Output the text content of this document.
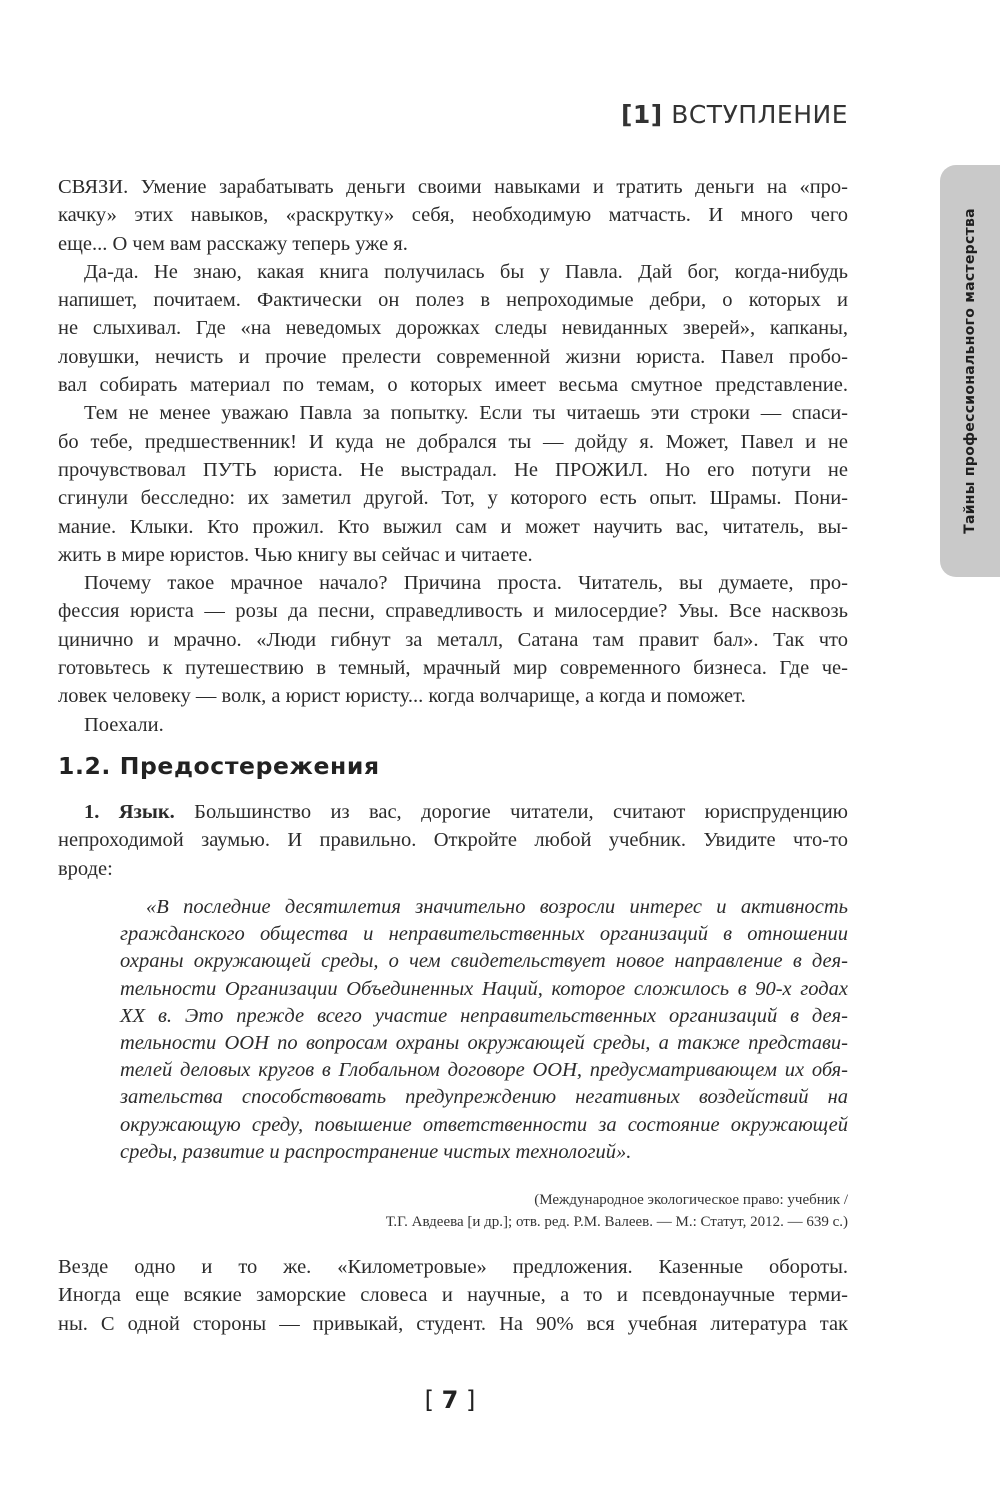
[1] ВСТУПЛЕНИЕ
Тайны профессионального мастерства
СВЯЗИ. Умение зарабатывать деньги своими навыками и тратить деньги на «про-
качку» этих навыков, «раскрутку» себя, необходимую матчасть. И много чего
еще... О чем вам расскажу теперь уже я.
Да-да. Не знаю, какая книга получилась бы у Павла. Дай бог, когда-нибудь
напишет, почитаем. Фактически он полез в непроходимые дебри, о которых и
не слыхивал. Где «на неведомых дорожках следы невиданных зверей», капканы,
ловушки, нечисть и прочие прелести современной жизни юриста. Павел пробо-
вал собирать материал по темам, о которых имеет весьма смутное представление.
Тем не менее уважаю Павла за попытку. Если ты читаешь эти строки — спаси-
бо тебе, предшественник! И куда не добрался ты — дойду я. Может, Павел и не
прочувствовал ПУТЬ юриста. Не выстрадал. Не ПРОЖИЛ. Но его потуги не
сгинули бесследно: их заметил другой. Тот, у которого есть опыт. Шрамы. Пони-
мание. Клыки. Кто прожил. Кто выжил сам и может научить вас, читатель, вы-
жить в мире юристов. Чью книгу вы сейчас и читаете.
Почему такое мрачное начало? Причина проста. Читатель, вы думаете, про-
фессия юриста — розы да песни, справедливость и милосердие? Увы. Все насквозь
цинично и мрачно. «Люди гибнут за металл, Сатана там правит бал». Так что
готовьтесь к путешествию в темный, мрачный мир современного бизнеса. Где че-
ловек человеку — волк, а юрист юристу... когда волчарище, а когда и поможет.
Поехали.
1.2. Предостережения
1. Язык. Большинство из вас, дорогие читатели, считают юриспруденцию
непроходимой заумью. И правильно. Откройте любой учебник. Увидите что-то
вроде:
«В последние десятилетия значительно возросли интерес и активность
гражданского общества и неправительственных организаций в отношении
охраны окружающей среды, о чем свидетельствует новое направление в дея-
тельности Организации Объединенных Наций, которое сложилось в 90-х годах
XX в. Это прежде всего участие неправительственных организаций в дея-
тельности ООН по вопросам охраны окружающей среды, а также представи-
телей деловых кругов в Глобальном договоре ООН, предусматривающем их обя-
зательства способствовать предупреждению негативных воздействий на
окружающую среду, повышение ответственности за состояние окружающей
среды, развитие и распространение чистых технологий».
(Международное экологическое право: учебник /
Т.Г. Авдеева [и др.]; отв. ред. Р.М. Валеев. — М.: Статут, 2012. — 639 с.)
Везде одно и то же. «Километровые» предложения. Казенные обороты.
Иногда еще всякие заморские словеса и научные, а то и псевдонаучные терми-
ны. С одной стороны — привыкай, студент. На 90% вся учебная литература так
[ 7 ]
